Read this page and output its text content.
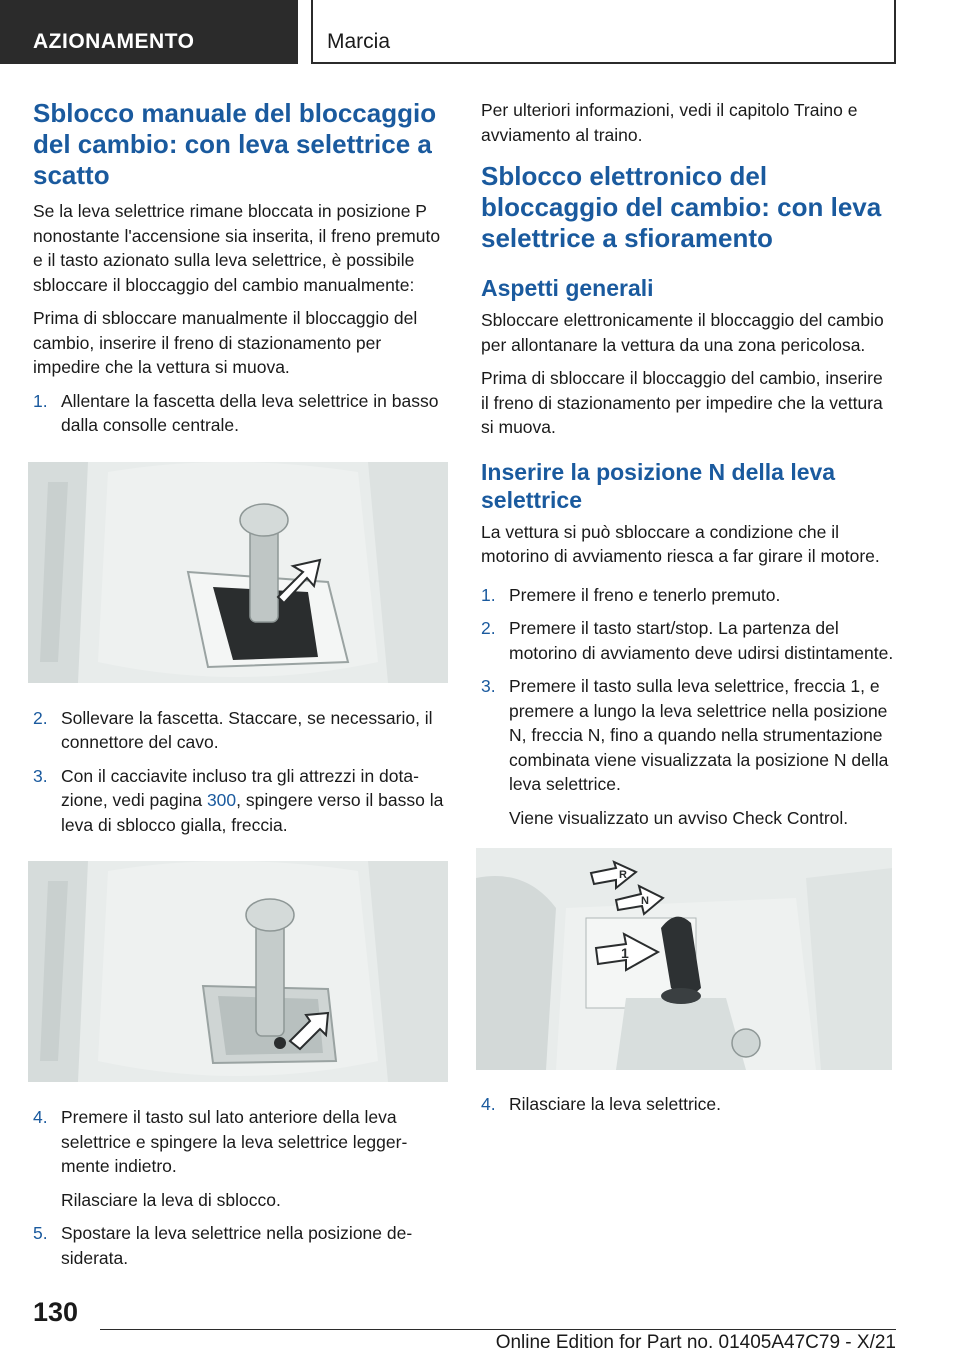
AZIONAMENTO	Marcia
Sblocco manuale del bloccaggio del cambio: con leva selettrice a scatto

Se la leva selettrice rimane bloccata in posizione P nonostante l'accensione sia inserita, il freno premuto e il tasto azionato sulla leva selettrice, è possibile sbloccare il bloccaggio del cambio manualmente:

Prima di sbloccare manualmente il bloccaggio del cambio, inserire il freno di stazionamento per impedire che la vettura si muova.

1. Allentare la fascetta della leva selettrice in basso dalla consolle centrale.
2. Sollevare la fascetta. Staccare, se necessario, il connettore del cavo.
3. Con il cacciavite incluso tra gli attrezzi in dotazione, vedi pagina 300, spingere verso il basso la leva di sblocco gialla, freccia.
4. Premere il tasto sul lato anteriore della leva selettrice e spingere la leva selettrice leggermente indietro.
Rilasciare la leva di sblocco.
5. Spostare la leva selettrice nella posizione desiderata.

Per ulteriori informazioni, vedi il capitolo Traino e avviamento al traino.

Sblocco elettronico del bloccaggio del cambio: con leva selettrice a sfioramento
Aspetti generali

Sbloccare elettronicamente il bloccaggio del cambio per allontanare la vettura da una zona pericolosa.

Prima di sbloccare il bloccaggio del cambio, inserire il freno di stazionamento per impedire che la vettura si muova.

Inserire la posizione N della leva selettrice

La vettura si può sbloccare a condizione che il motorino di avviamento riesca a far girare il motore.

1. Premere il freno e tenerlo premuto.
2. Premere il tasto start/stop. La partenza del motorino di avviamento deve udirsi distintamente.
3. Premere il tasto sulla leva selettrice, freccia 1, e premere a lungo la leva selettrice nella posizione N, freccia N, fino a quando nella strumentazione combinata viene visualizzata la posizione N della leva selettrice.
Viene visualizzato un avviso Check Control.
R
N
1
4. Rilasciare la leva selettrice.
130
Online Edition for Part no. 01405A47C79 - X/21
